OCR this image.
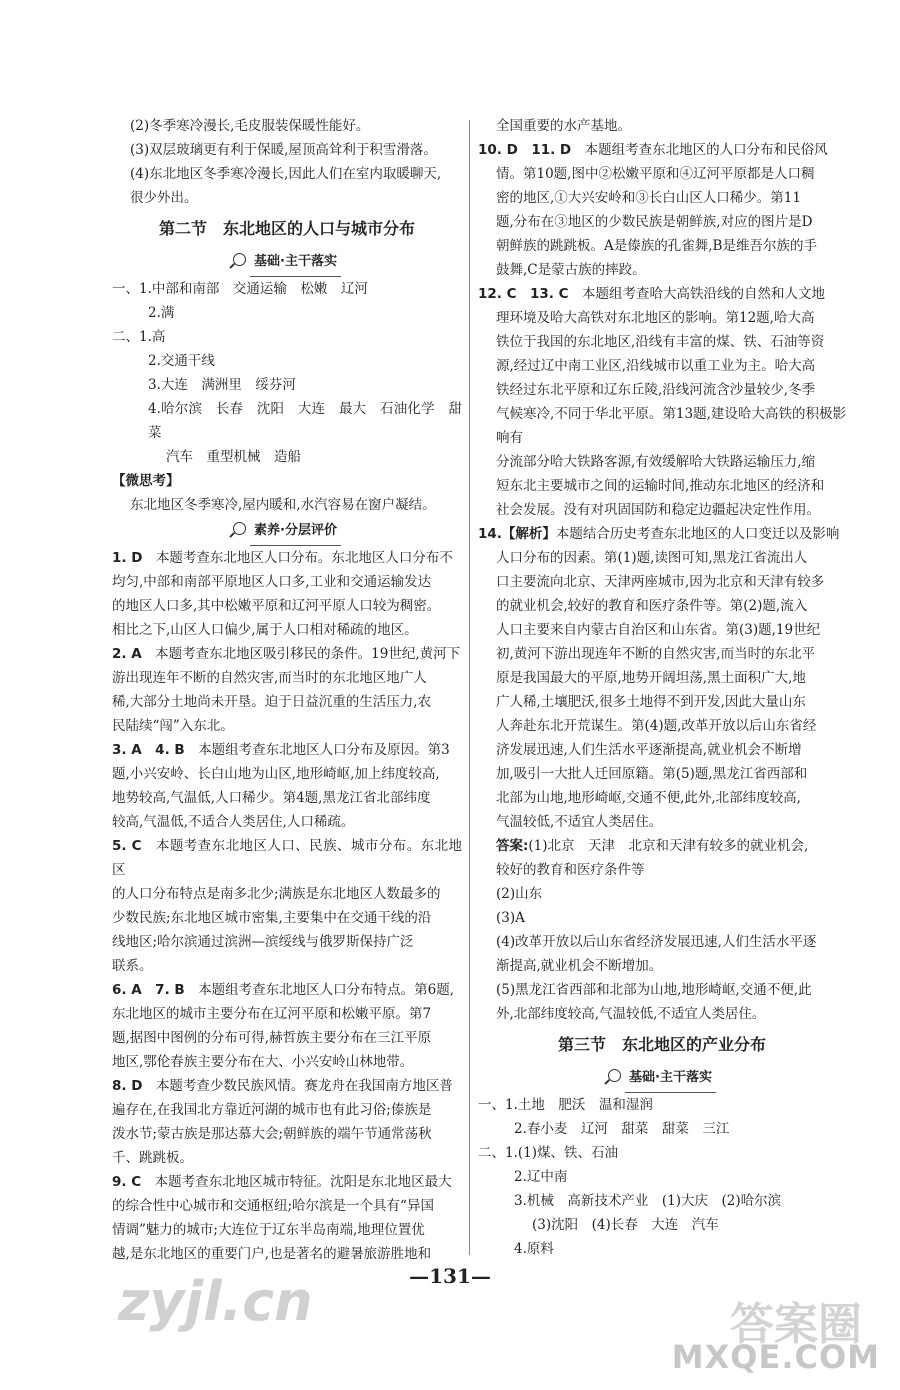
(2)冬季寒冷漫长,毛皮服装保暖性能好。
(3)双层玻璃更有利于保暖,屋顶高耸利于积雪滑落。
(4)东北地区冬季寒冷漫长,因此人们在室内取暖聊天,
很少外出。
第二节　东北地区的人口与城市分布
基础·主干落实
一、1.中部和南部　交通运输　松嫩　辽河
2.满
二、1.高
2.交通干线
3.大连　满洲里　绥芬河
4.哈尔滨　长春　沈阳　大连　最大　石油化学　甜菜
汽车　重型机械　造船
【微思考】
东北地区冬季寒冷,屋内暖和,水汽容易在窗户凝结。
素养·分层评价
1. D　 本题考查东北地区人口分布。东北地区人口分布不
均匀,中部和南部平原地区人口多,工业和交通运输发达
的地区人口多,其中松嫩平原和辽河平原人口较为稠密。
相比之下,山区人口偏少,属于人口相对稀疏的地区。
2. A　 本题考查东北地区吸引移民的条件。19世纪,黄河下
游出现连年不断的自然灾害,而当时的东北地区地广人
稀,大部分土地尚未开垦。迫于日益沉重的生活压力,农
民陆续“闯”入东北。
3. A　4. B　 本题组考查东北地区人口分布及原因。第3
题,小兴安岭、长白山地为山区,地形崎岖,加上纬度较高,
地势较高,气温低,人口稀少。第4题,黑龙江省北部纬度
较高,气温低,不适合人类居住,人口稀疏。
5. C　 本题考查东北地区人口、民族、城市分布。东北地区
的人口分布特点是南多北少;满族是东北地区人数最多的
少数民族;东北地区城市密集,主要集中在交通干线的沿
线地区;哈尔滨通过滨洲—滨绥线与俄罗斯保持广泛
联系。
6. A　7. B　 本题组考查东北地区人口分布特点。第6题,
东北地区的城市主要分布在辽河平原和松嫩平原。第7
题,据图中图例的分布可得,赫哲族主要分布在三江平原
地区,鄂伦春族主要分布在大、小兴安岭山林地带。
8. D　 本题考查少数民族风情。赛龙舟在我国南方地区普
遍存在,在我国北方靠近河湖的城市也有此习俗;傣族是
泼水节;蒙古族是那达慕大会;朝鲜族的端午节通常荡秋
千、跳跳板。
9. C　 本题考查东北地区城市特征。沈阳是东北地区最大
的综合性中心城市和交通枢纽;哈尔滨是一个具有“异国
情调”魅力的城市;大连位于辽东半岛南端,地理位置优
越,是东北地区的重要门户,也是著名的避暑旅游胜地和
全国重要的水产基地。
10. D　11. D　 本题组考查东北地区的人口分布和民俗风
情。第10题,图中②松嫩平原和④辽河平原都是人口稠
密的地区,①大兴安岭和③长白山区人口稀少。第11
题,分布在③地区的少数民族是朝鲜族,对应的图片是D
朝鲜族的跳跳板。A是傣族的孔雀舞,B是维吾尔族的手
鼓舞,C是蒙古族的摔跤。
12. C　13. C　 本题组考查哈大高铁沿线的自然和人文地
理环境及哈大高铁对东北地区的影响。第12题,哈大高
铁位于我国的东北地区,沿线有丰富的煤、铁、石油等资
源,经过辽中南工业区,沿线城市以重工业为主。哈大高
铁经过东北平原和辽东丘陵,沿线河流含沙量较少,冬季
气候寒冷,不同于华北平原。第13题,建设哈大高铁的积极影响有
分流部分哈大铁路客源,有效缓解哈大铁路运输压力,缩
短东北主要城市之间的运输时间,推动东北地区的经济和
社会发展。没有对巩固国防和稳定边疆起决定性作用。
14.【解析】本题结合历史考查东北地区的人口变迁以及影响
人口分布的因素。第(1)题,读图可知,黑龙江省流出人
口主要流向北京、天津两座城市,因为北京和天津有较多
的就业机会,较好的教育和医疗条件等。第(2)题,流入
人口主要来自内蒙古自治区和山东省。第(3)题,19世纪
初,黄河下游出现连年不断的自然灾害,而当时的东北平
原是我国最大的平原,地势开阔坦荡,黑土面积广大,地
广人稀,土壤肥沃,很多土地得不到开发,因此大量山东
人奔赴东北开荒谋生。第(4)题,改革开放以后山东省经
济发展迅速,人们生活水平逐渐提高,就业机会不断增
加,吸引一大批人迁回原籍。第(5)题,黑龙江省西部和
北部为山地,地形崎岖,交通不便,此外,北部纬度较高,
气温较低,不适宜人类居住。
答案:(1)北京　天津　北京和天津有较多的就业机会,
较好的教育和医疗条件等
(2)山东
(3)A
(4)改革开放以后山东省经济发展迅速,人们生活水平逐
渐提高,就业机会不断增加。
(5)黑龙江省西部和北部为山地,地形崎岖,交通不便,此
外,北部纬度较高,气温较低,不适宜人类居住。
第三节　东北地区的产业分布
基础·主干落实
一、1.土地　肥沃　温和湿润
2.春小麦　辽河　甜菜　甜菜　三江
二、1.(1)煤、铁、石油
2.辽中南
3.机械　高新技术产业　(1)大庆　(2)哈尔滨
(3)沈阳　(4)长春　大连　汽车
4.原料
—131—
zyjl.cn	答案圈
MXQE.COM
